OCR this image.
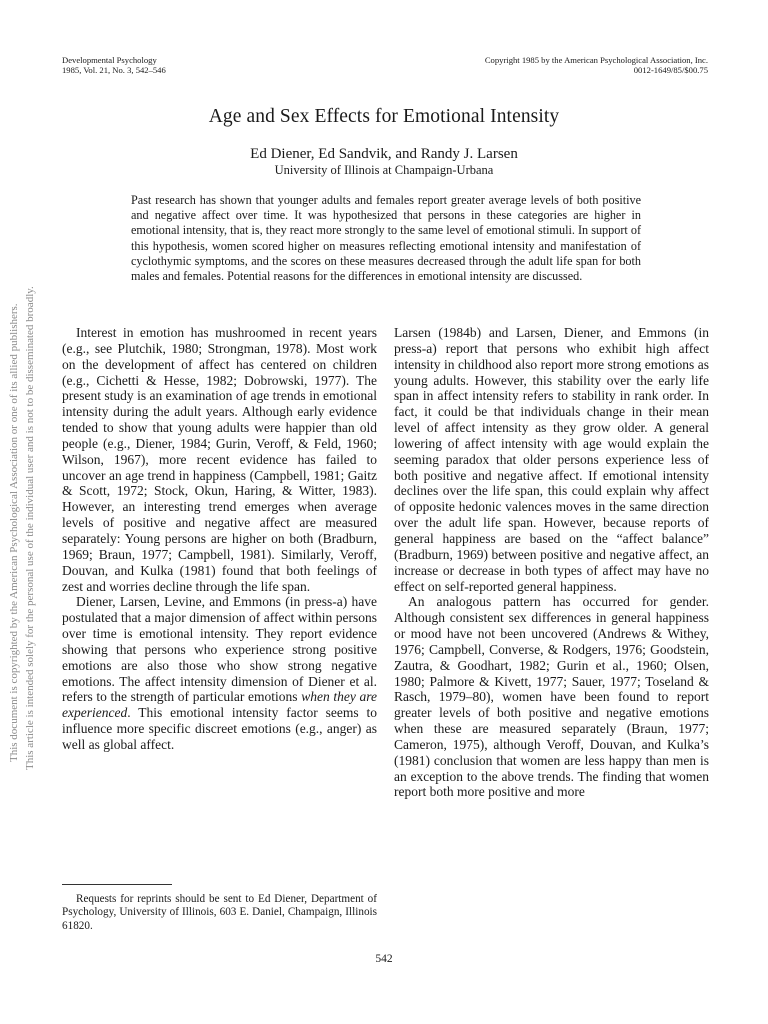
This document is copyrighted by the American Psychological Association or one of its allied publishers. This article is intended solely for the personal use of the individual user and is not to be disseminated broadly.
Developmental Psychology
1985, Vol. 21, No. 3, 542–546
Copyright 1985 by the American Psychological Association, Inc.
0012-1649/85/$00.75
Age and Sex Effects for Emotional Intensity
Ed Diener, Ed Sandvik, and Randy J. Larsen
University of Illinois at Champaign-Urbana

Past research has shown that younger adults and females report greater average levels of both positive and negative affect over time. It was hypothesized that persons in these categories are higher in emotional intensity, that is, they react more strongly to the same level of emotional stimuli. In support of this hypothesis, women scored higher on measures reflecting emotional intensity and manifestation of cyclothymic symptoms, and the scores on these measures decreased through the adult life span for both males and females. Potential reasons for the differences in emotional intensity are discussed.

Interest in emotion has mushroomed in recent years (e.g., see Plutchik, 1980; Strongman, 1978). Most work on the development of affect has centered on children (e.g., Cichetti & Hesse, 1982; Dobrowski, 1977). The present study is an examination of age trends in emotional intensity during the adult years. Although early evidence tended to show that young adults were happier than old people (e.g., Diener, 1984; Gurin, Veroff, & Feld, 1960; Wilson, 1967), more recent evidence has failed to uncover an age trend in happiness (Campbell, 1981; Gaitz & Scott, 1972; Stock, Okun, Haring, & Witter, 1983). However, an interesting trend emerges when average levels of positive and negative affect are measured separately: Young persons are higher on both (Bradburn, 1969; Braun, 1977; Campbell, 1981). Similarly, Veroff, Douvan, and Kulka (1981) found that both feelings of zest and worries decline through the life span.

Diener, Larsen, Levine, and Emmons (in press-a) have postulated that a major dimension of affect within persons over time is emotional intensity. They report evidence showing that persons who experience strong positive emotions are also those who show strong negative emotions. The affect intensity dimension of Diener et al. refers to the strength of particular emotions when they are experienced. This emotional intensity factor seems to influence more specific discreet emotions (e.g., anger) as well as global affect.

Larsen (1984b) and Larsen, Diener, and Emmons (in press-a) report that persons who exhibit high affect intensity in childhood also report more strong emotions as young adults. However, this stability over the early life span in affect intensity refers to stability in rank order. In fact, it could be that individuals change in their mean level of affect intensity as they grow older. A general lowering of affect intensity with age would explain the seeming paradox that older persons experience less of both positive and negative affect. If emotional intensity declines over the life span, this could explain why affect of opposite hedonic valences moves in the same direction over the adult life span. However, because reports of general happiness are based on the “affect balance” (Bradburn, 1969) between positive and negative affect, an increase or decrease in both types of affect may have no effect on self-reported general happiness.

An analogous pattern has occurred for gender. Although consistent sex differences in general happiness or mood have not been uncovered (Andrews & Withey, 1976; Campbell, Converse, & Rodgers, 1976; Goodstein, Zautra, & Goodhart, 1982; Gurin et al., 1960; Olsen, 1980; Palmore & Kivett, 1977; Sauer, 1977; Toseland & Rasch, 1979–80), women have been found to report greater levels of both positive and negative emotions when these are measured separately (Braun, 1977; Cameron, 1975), although Veroff, Douvan, and Kulka’s (1981) conclusion that women are less happy than men is an exception to the above trends. The finding that women report both more positive and more

Requests for reprints should be sent to Ed Diener, Department of Psychology, University of Illinois, 603 E. Daniel, Champaign, Illinois 61820.

542
